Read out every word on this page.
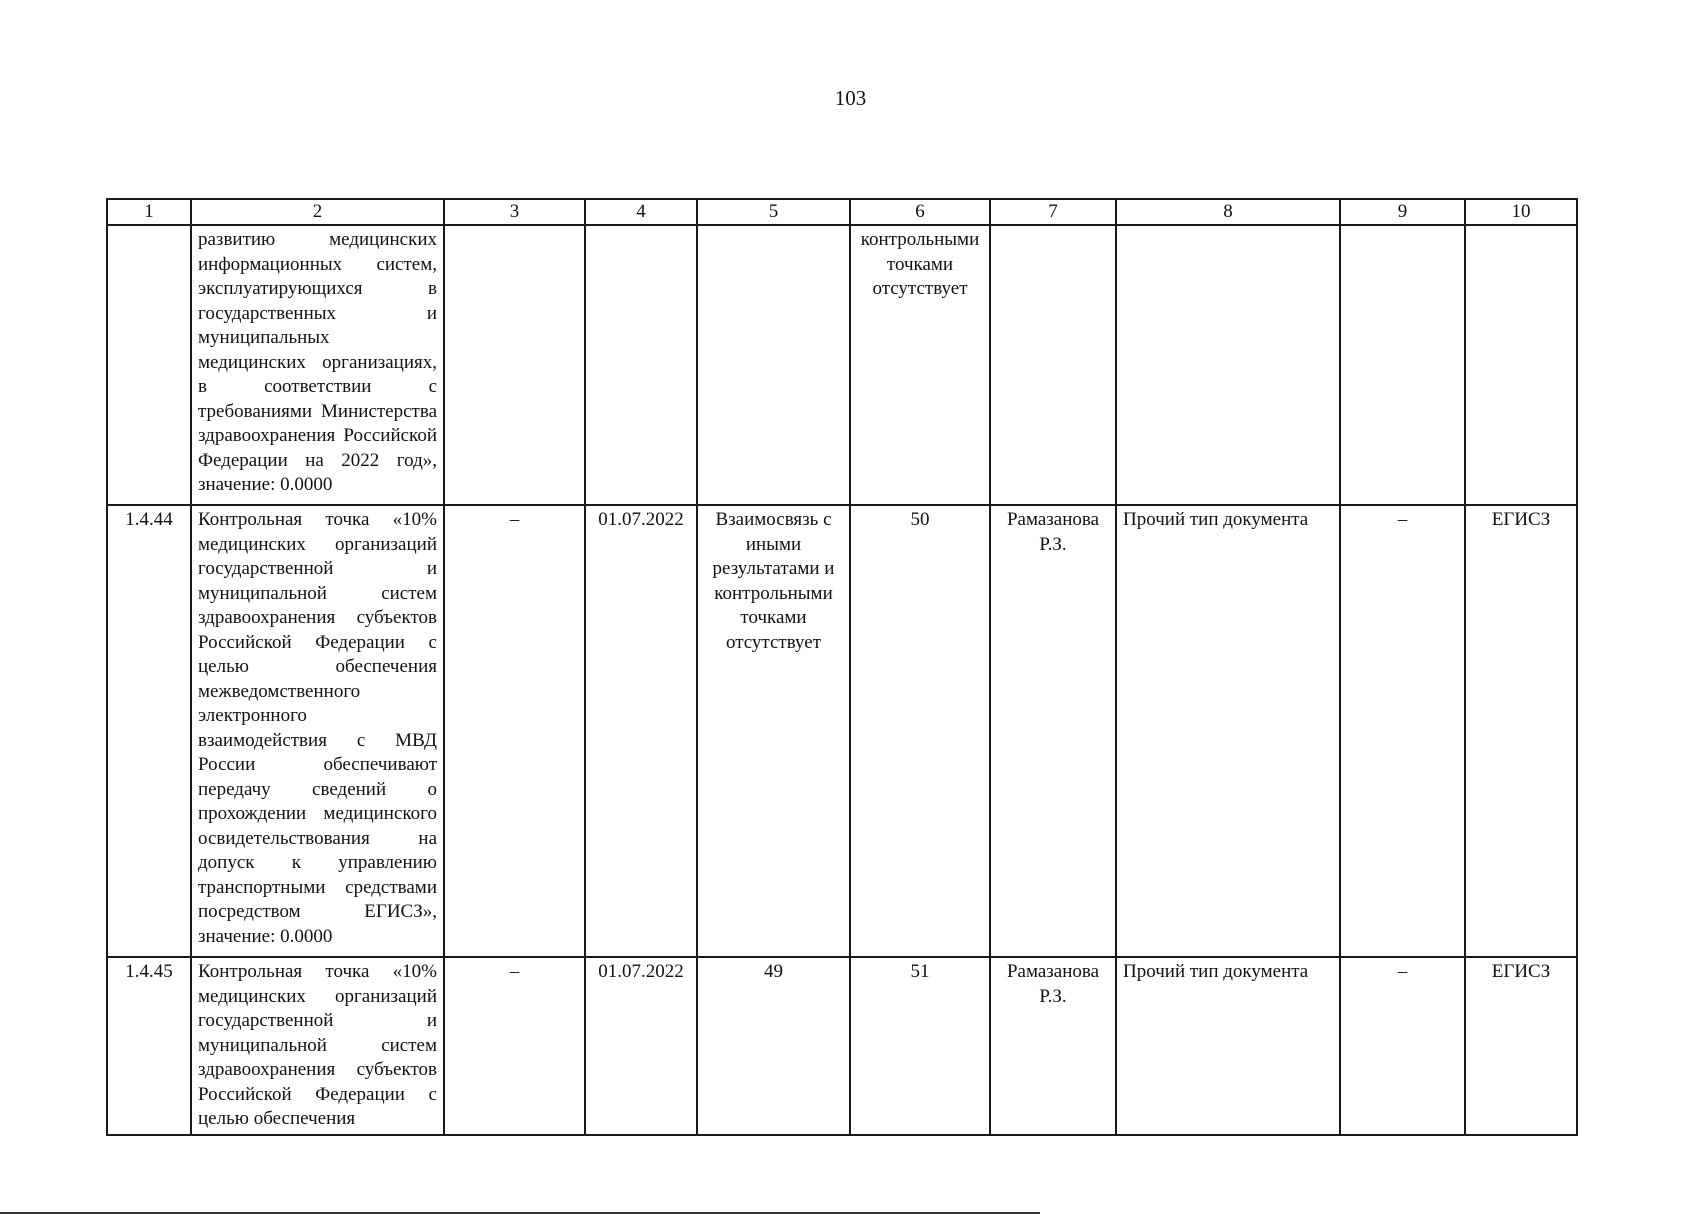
103
1	2	3	4	5	6	7	8	9	10
	развитию медицинских информационных систем, эксплуатирующихся в государственных и муниципальных медицинских организациях, в соответствии с требованиями Министерства здравоохранения Российской Федерации на 2022 год», значение: 0.0000				контрольными точками отсутствует				
1.4.44	Контрольная точка «10% медицинских организаций государственной и муниципальной систем здравоохранения субъектов Российской Федерации с целью обеспечения межведомственного электронного взаимодействия с МВД России обеспечивают передачу сведений о прохождении медицинского освидетельствования на допуск к управлению транспортными средствами посредством ЕГИСЗ», значение: 0.0000	–	01.07.2022	Взаимосвязь с иными результатами и контрольными точками отсутствует	50	Рамазанова Р.З.	Прочий тип документа	–	ЕГИСЗ
1.4.45	Контрольная точка «10% медицинских организаций государственной и муниципальной систем здравоохранения субъектов Российской Федерации с целью обеспечения	–	01.07.2022	49	51	Рамазанова Р.З.	Прочий тип документа	–	ЕГИСЗ
